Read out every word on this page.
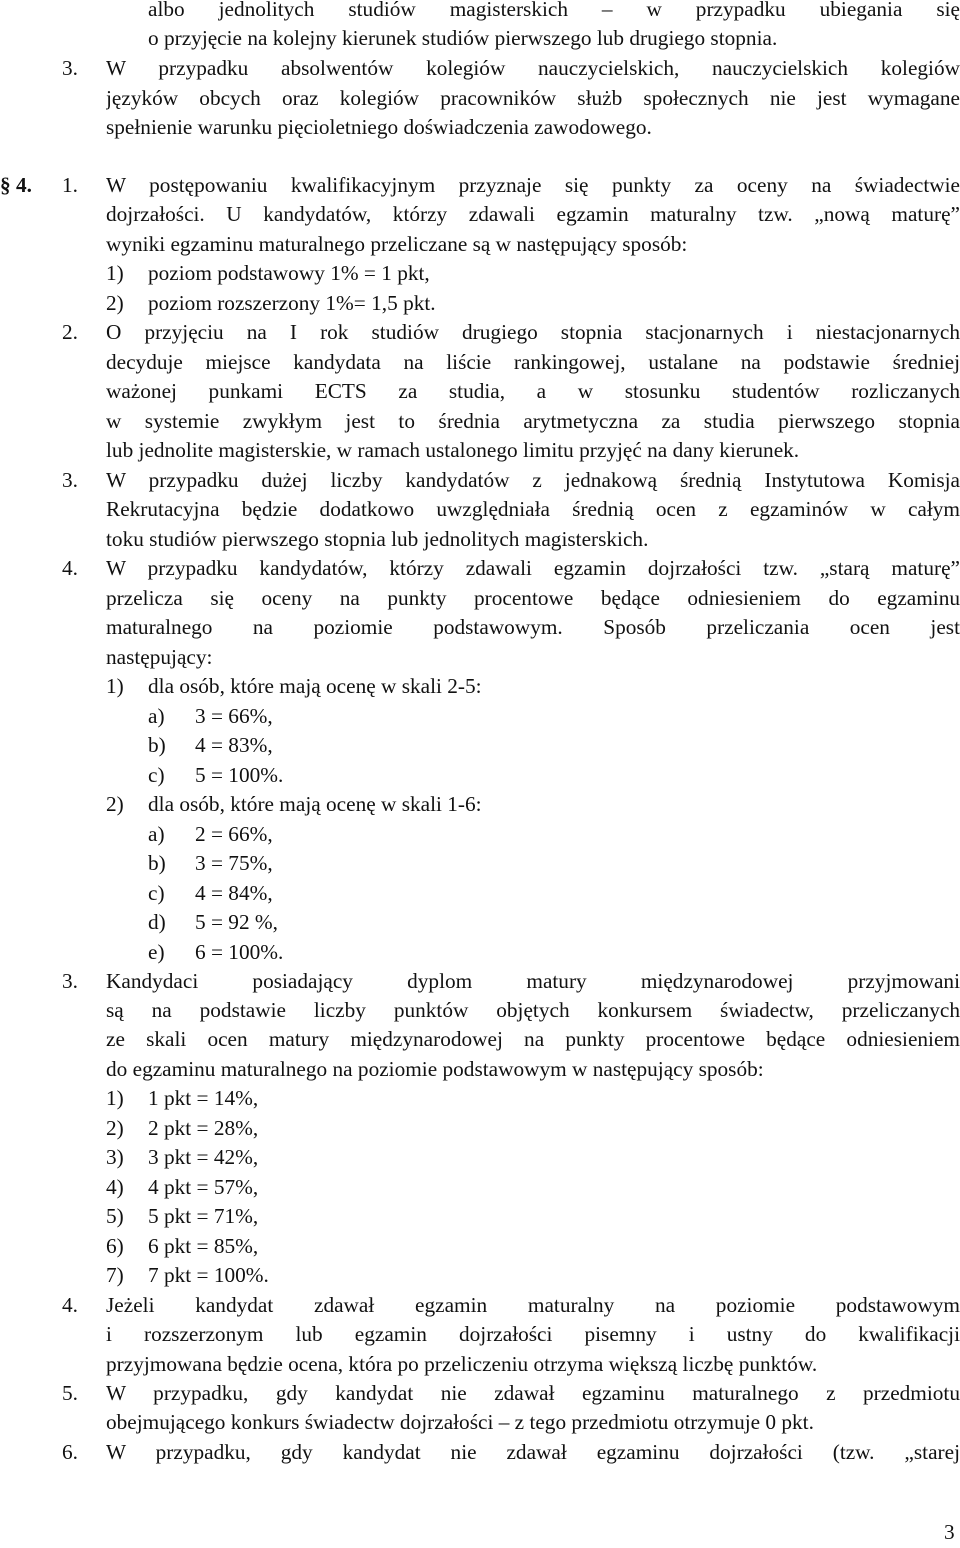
albo jednolitych studiów magisterskich – w przypadku ubiegania się
o przyjęcie na kolejny kierunek studiów pierwszego lub drugiego stopnia.
3. W przypadku absolwentów kolegiów nauczycielskich, nauczycielskich kolegiów
języków obcych oraz kolegiów pracowników służb społecznych nie jest wymagane
spełnienie warunku pięcioletniego doświadczenia zawodowego.
§ 4. 1. W postępowaniu kwalifikacyjnym przyznaje się punkty za oceny na świadectwie
dojrzałości. U kandydatów, którzy zdawali egzamin maturalny tzw. „nową maturę”
wyniki egzaminu maturalnego przeliczane są w następujący sposób:
1) poziom podstawowy 1% = 1 pkt,
2) poziom rozszerzony 1%= 1,5 pkt.
2. O przyjęciu na I rok studiów drugiego stopnia stacjonarnych i niestacjonarnych
decyduje miejsce kandydata na liście rankingowej, ustalane na podstawie średniej
ważonej punkami ECTS za studia, a w stosunku studentów rozliczanych
w systemie zwykłym jest to średnia arytmetyczna za studia pierwszego stopnia
lub jednolite magisterskie, w ramach ustalonego limitu przyjęć na dany kierunek.
3. W przypadku dużej liczby kandydatów z jednakową średnią Instytutowa Komisja
Rekrutacyjna będzie dodatkowo uwzględniała średnią ocen z egzaminów w całym
toku studiów pierwszego stopnia lub jednolitych magisterskich.
4. W przypadku kandydatów, którzy zdawali egzamin dojrzałości tzw. „starą maturę”
przelicza się oceny na punkty procentowe będące odniesieniem do egzaminu
maturalnego na poziomie podstawowym. Sposób przeliczania ocen jest
następujący:
1) dla osób, które mają ocenę w skali 2-5:
a) 3 = 66%,
b) 4 = 83%,
c) 5 = 100%.
2) dla osób, które mają ocenę w skali 1-6:
a) 2 = 66%,
b) 3 = 75%,
c) 4 = 84%,
d) 5 = 92 %,
e) 6 = 100%.
3. Kandydaci posiadający dyplom matury międzynarodowej przyjmowani
są na podstawie liczby punktów objętych konkursem świadectw, przeliczanych
ze skali ocen matury międzynarodowej na punkty procentowe będące odniesieniem
do egzaminu maturalnego na poziomie podstawowym w następujący sposób:
1) 1 pkt = 14%,
2) 2 pkt = 28%,
3) 3 pkt = 42%,
4) 4 pkt = 57%,
5) 5 pkt = 71%,
6) 6 pkt = 85%,
7) 7 pkt = 100%.
4. Jeżeli kandydat zdawał egzamin maturalny na poziomie podstawowym
i rozszerzonym lub egzamin dojrzałości pisemny i ustny do kwalifikacji
przyjmowana będzie ocena, która po przeliczeniu otrzyma większą liczbę punktów.
5. W przypadku, gdy kandydat nie zdawał egzaminu maturalnego z przedmiotu
obejmującego konkurs świadectw dojrzałości – z tego przedmiotu otrzymuje 0 pkt.
6. W przypadku, gdy kandydat nie zdawał egzaminu dojrzałości (tzw. „starej
3
